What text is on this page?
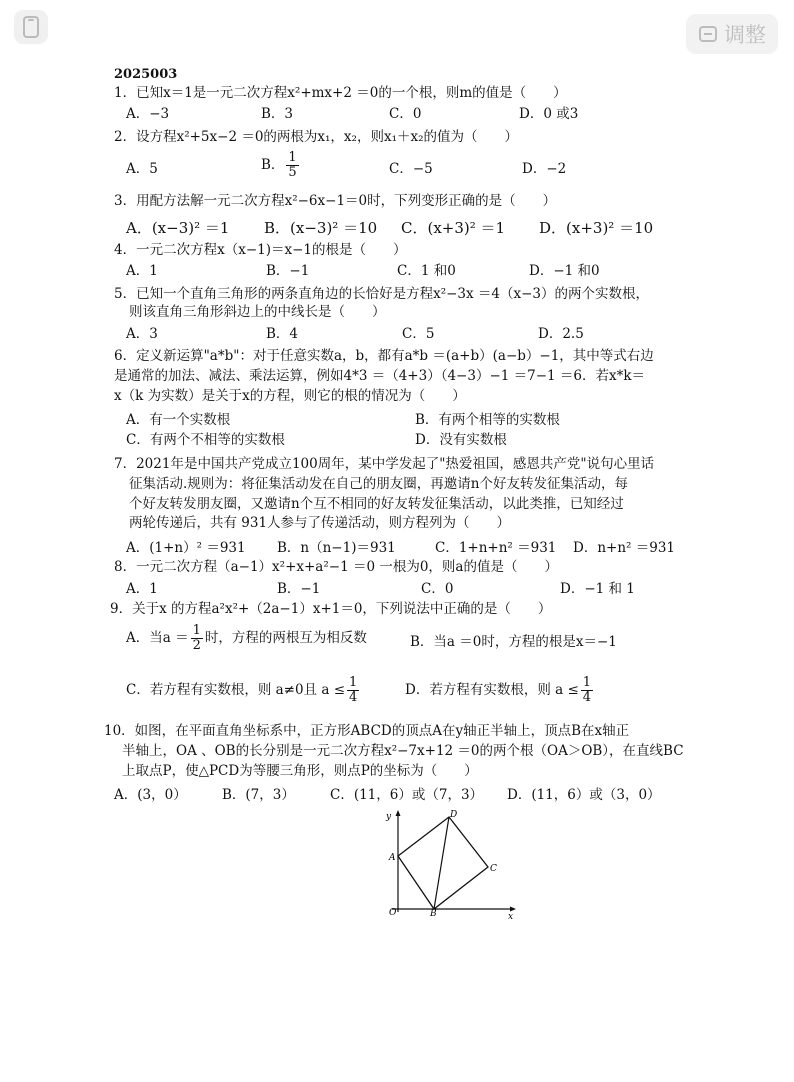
调整
2025003
1．已知x＝1是一元二次方程x²+mx+2 ＝0的一个根，则m的值是（　　）
A．−3	B．3	C．0	D．0 或3
2．设方程x²+5x−2 ＝0的两根为x₁，x₂，则x₁＋x₂的值为（　　）
A．5	B． $\frac{1}{5}$	C．−5	D．−2
3．用配方法解一元二次方程x²−6x−1＝0时，下列变形正确的是（　　）
A．(x−3)² ＝1 B．(x−3)² ＝10 C．(x+3)² ＝1 D．(x+3)² ＝10
4．一元二次方程x（x−1)＝x−1的根是（　　）
A．1	B．−1	C．1 和0	D．−1 和0
5．已知一个直角三角形的两条直角边的长恰好是方程x²−3x ＝4（x−3）的两个实数根，
则该直角三角形斜边上的中线长是（　　）
A．3	B．4	C．5	D．2.5
6．定义新运算"a*b"：对于任意实数a，b，都有a*b ＝(a+b）(a−b）−1，其中等式右边
是通常的加法、减法、乘法运算，例如4*3 ＝（4+3）（4−3）−1 ＝7−1 ＝6．若x*k＝
x（k 为实数）是关于x的方程，则它的根的情况为（　　）
A．有一个实数根	B．有两个相等的实数根
C．有两个不相等的实数根	D．没有实数根
7．2021年是中国共产党成立100周年，某中学发起了"热爱祖国，感恩共产党"说句心里话
征集活动.规则为：将征集活动发在自己的朋友圈，再邀请n个好友转发征集活动，每
个好友转发朋友圈，又邀请n个互不相同的好友转发征集活动，以此类推，已知经过
两轮传递后，共有 931人参与了传递活动，则方程列为（　　）
A．(1+n）² ＝931 B．n（n−1)＝931	C．1+n+n² ＝931 D．n+n² ＝931
8．一元二次方程（a−1）x²+x+a²−1 ＝0 一根为0，则a的值是（　　）
A．1	B．−1	C．0	D．−1 和 1
9．关于x 的方程a²x²+（2a−1）x+1＝0，下列说法中正确的是（　　）
A．当$a = \frac{1}{2}$ 时，方程的两根互为相反数	B．当a ＝0时，方程的根是x＝−1
C．若方程有实数根，则 a≠0且 $a \le \frac{1}{4}$	D．若方程有实数根，则 $a \le \frac{1}{4}$
10．如图，在平面直角坐标系中，正方形ABCD的顶点A在y轴正半轴上，顶点B在x轴正
半轴上，OA 、OB的长分别是一元二次方程x²−7x+12 ＝0的两个根（OA＞OB），在直线BC
上取点P，使△PCD为等腰三角形，则点P的坐标为（　　）
A．(3，0）	B．(7，3）	C．(11，6）或（7，3） D．(11，6）或（3，0）
y
x
O
A
B
C
D
